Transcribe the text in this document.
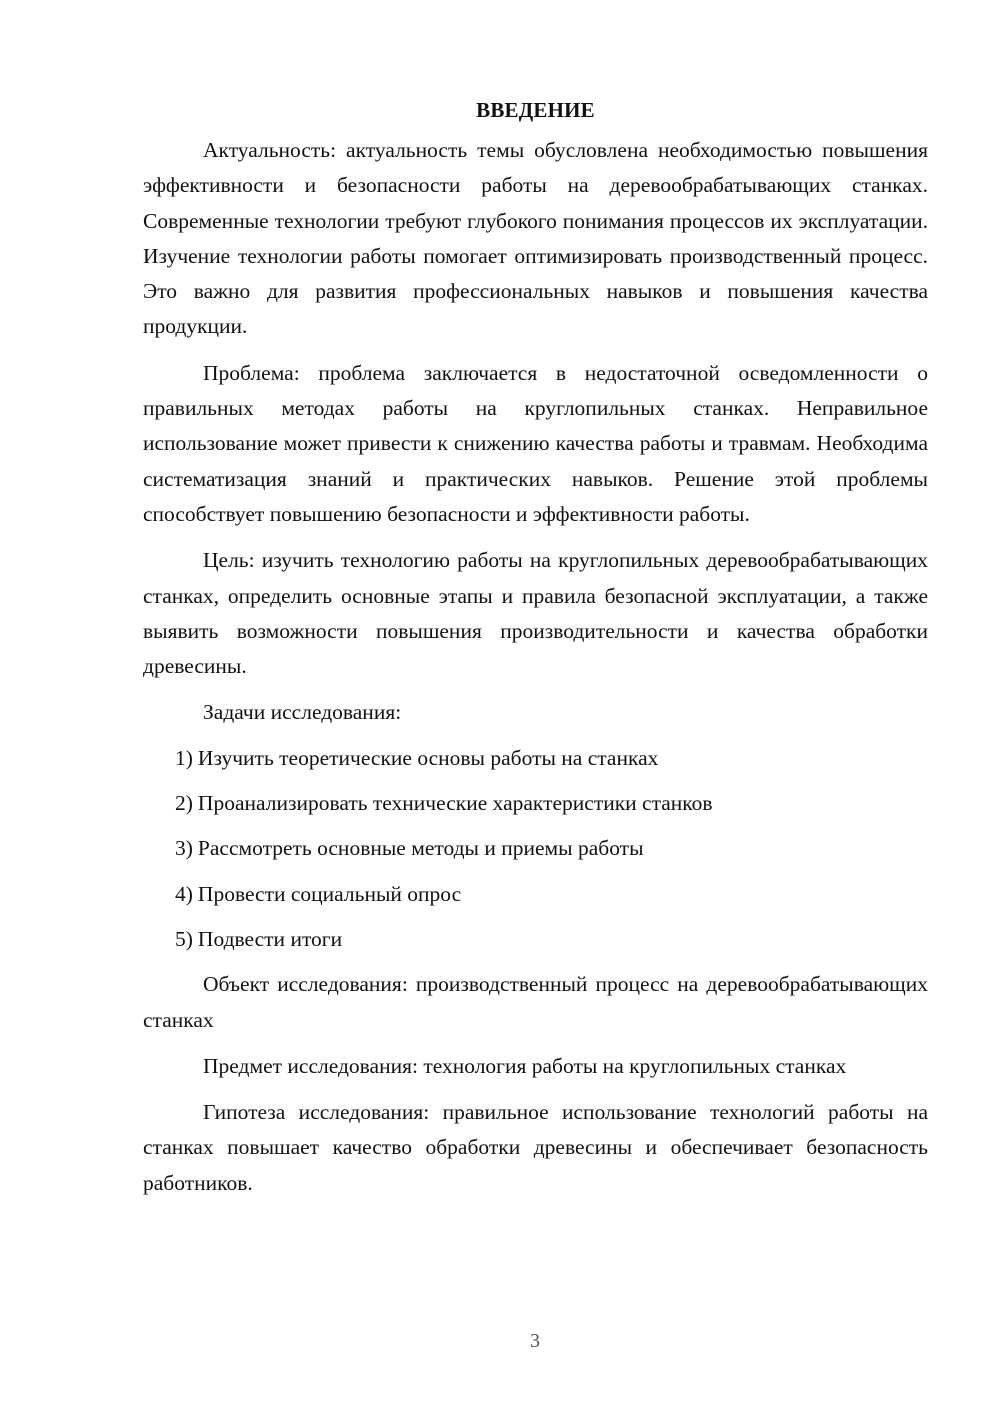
ВВЕДЕНИЕ

Актуальность: актуальность темы обусловлена необходимостью повышения эффективности и безопасности работы на деревообрабатывающих станках. Современные технологии требуют глубокого понимания процессов их эксплуатации. Изучение технологии работы помогает оптимизировать производственный процесс. Это важно для развития профессиональных навыков и повышения качества продукции.

Проблема: проблема заключается в недостаточной осведомленности о правильных методах работы на круглопильных станках. Неправильное использование может привести к снижению качества работы и травмам. Необходима систематизация знаний и практических навыков. Решение этой проблемы способствует повышению безопасности и эффективности работы.

Цель: изучить технологию работы на круглопильных деревообрабатывающих станках, определить основные этапы и правила безопасной эксплуатации, а также выявить возможности повышения производительности и качества обработки древесины.

Задачи исследования:

1) Изучить теоретические основы работы на станках
2) Проанализировать технические характеристики станков
3) Рассмотреть основные методы и приемы работы
4) Провести социальный опрос
5) Подвести итоги

Объект исследования: производственный процесс на деревообрабатывающих станках

Предмет исследования: технология работы на круглопильных станках

Гипотеза исследования: правильное использование технологий работы на станках повышает качество обработки древесины и обеспечивает безопасность работников.

3
